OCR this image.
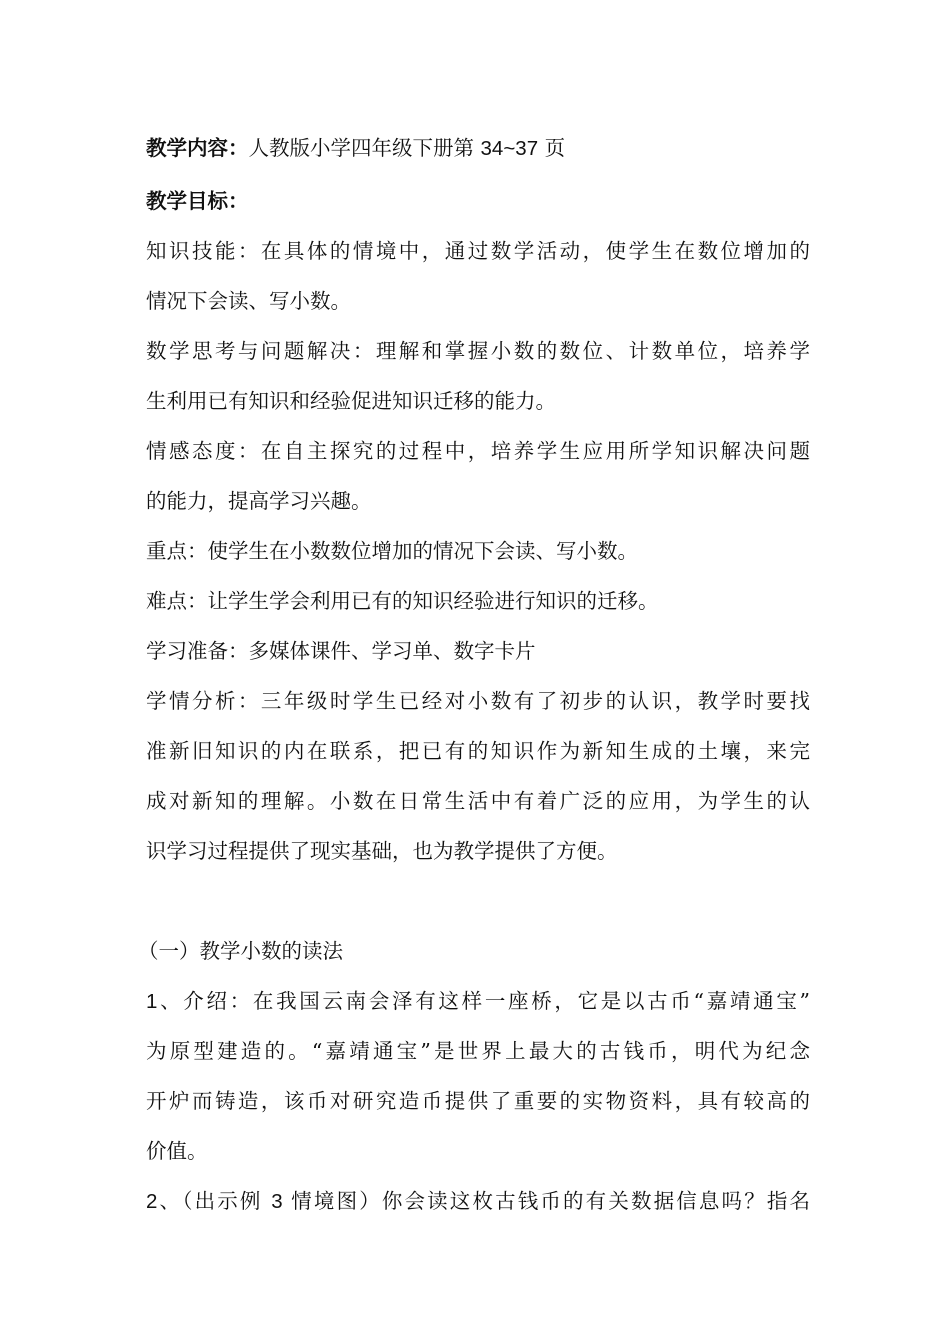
教学内容：人教版小学四年级下册第 34~37 页
教学目标：
知识技能：在具体的情境中，通过数学活动，使学生在数位增加的
情况下会读、写小数。
数学思考与问题解决：理解和掌握小数的数位、计数单位，培养学
生利用已有知识和经验促进知识迁移的能力。
情感态度：在自主探究的过程中，培养学生应用所学知识解决问题
的能力，提高学习兴趣。
重点：使学生在小数数位增加的情况下会读、写小数。
难点：让学生学会利用已有的知识经验进行知识的迁移。
学习准备：多媒体课件、学习单、数字卡片
学情分析：三年级时学生已经对小数有了初步的认识，教学时要找
准新旧知识的内在联系，把已有的知识作为新知生成的土壤，来完
成对新知的理解。小数在日常生活中有着广泛的应用，为学生的认
识学习过程提供了现实基础，也为教学提供了方便。
（一）教学小数的读法
1、介绍：在我国云南会泽有这样一座桥，它是以古币“嘉靖通宝”
为原型建造的。“嘉靖通宝”是世界上最大的古钱币，明代为纪念
开炉而铸造，该币对研究造币提供了重要的实物资料，具有较高的
价值。
2、（出示例 3 情境图）你会读这枚古钱币的有关数据信息吗？指名
